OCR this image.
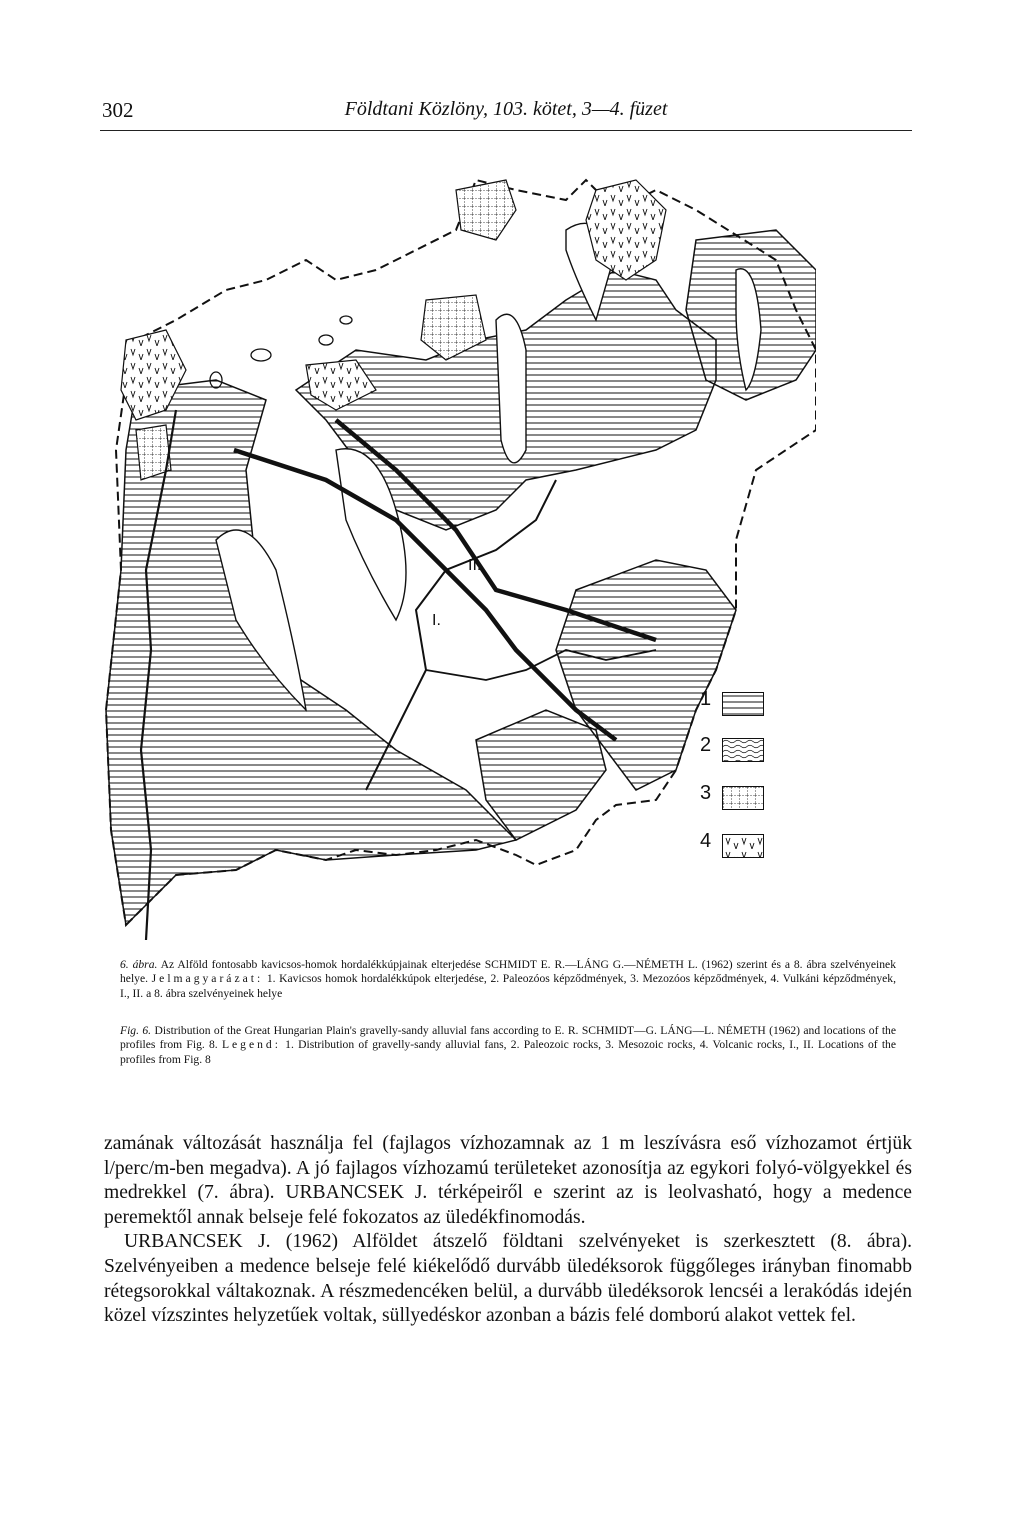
302	Földtani Közlöny, 103. kötet, 3—4. füzet
I.
II.
1
2
3
4
6. ábra. Az Alföld fontosabb kavicsos-homok hordalékkúpjainak elterjedése SCHMIDT E. R.—LÁNG G.—NÉMETH L. (1962) szerint és a 8. ábra szelvényeinek helye. Jelmagyarázat: 1. Kavicsos homok hordalékkúpok elterjedése, 2. Paleozóos képződmények, 3. Mezozóos képződmények, 4. Vulkáni képződmények, I., II. a 8. ábra szelvényeinek helye
Fig. 6. Distribution of the Great Hungarian Plain's gravelly-sandy alluvial fans according to E. R. SCHMIDT—G. LÁNG—L. NÉMETH (1962) and locations of the profiles from Fig. 8. Legend: 1. Distribution of gravelly-sandy alluvial fans, 2. Paleozoic rocks, 3. Mesozoic rocks, 4. Volcanic rocks, I., II. Locations of the profiles from Fig. 8

zamának változását használja fel (fajlagos vízhozamnak az 1 m leszívásra eső vízhozamot értjük l/perc/m-ben megadva). A jó fajlagos vízhozamú területeket azonosítja az egykori folyó-völgyekkel és medrekkel (7. ábra). URBANCSEK J. térképeiről e szerint az is leolvasható, hogy a medence peremektől annak belseje felé fokozatos az üledékfinomodás.

URBANCSEK J. (1962) Alföldet átszelő földtani szelvényeket is szerkesztett (8. ábra). Szelvényeiben a medence belseje felé kiékelődő durvább üledéksorok függőleges irányban finomabb rétegsorokkal váltakoznak. A részmedencéken belül, a durvább üledéksorok lencséi a lerakódás idején közel vízszintes helyzetűek voltak, süllyedéskor azonban a bázis felé domború alakot vettek fel.
